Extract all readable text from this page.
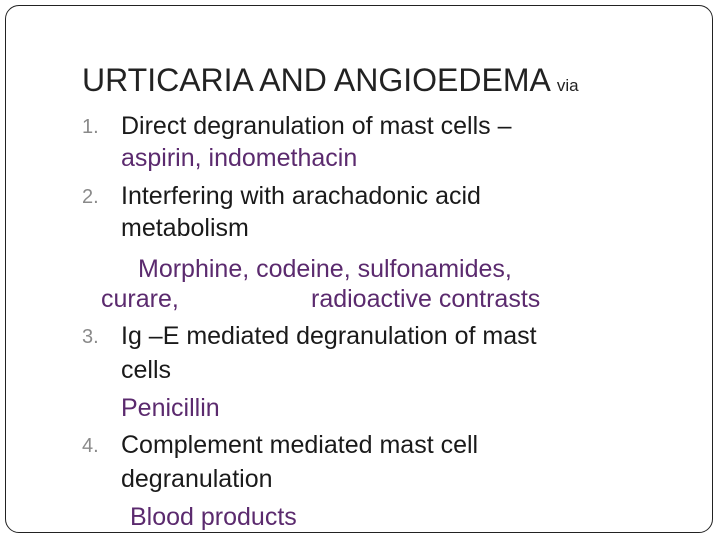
URTICARIA AND ANGIOEDEMA via
1. Direct degranulation of mast cells –
aspirin, indomethacin
2. Interfering with arachadonic acid
metabolism
Morphine, codeine, sulfonamides,
curare,	radioactive contrasts
3. Ig –E mediated degranulation of mast
cells
Penicillin
4. Complement mediated mast cell
degranulation
Blood products
